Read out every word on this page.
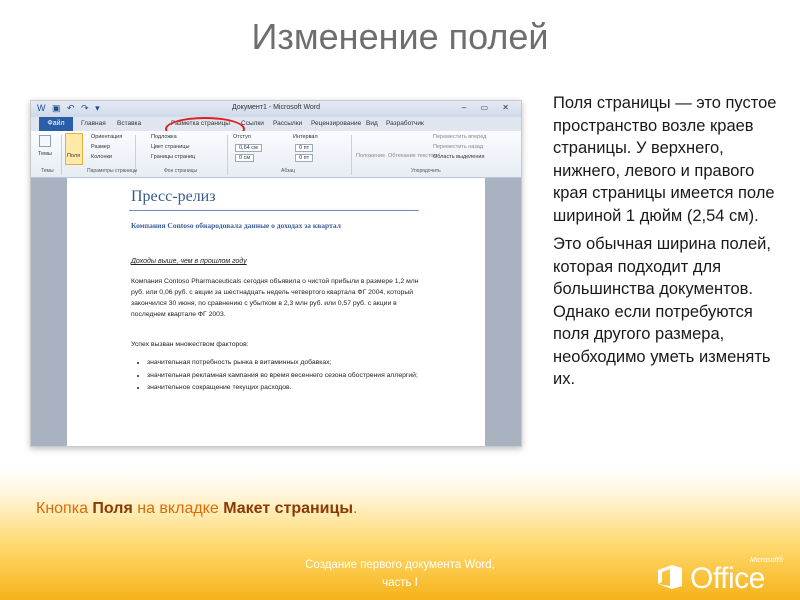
Изменение полей
W ▣ ↶ ↷ ▾	Документ1 - Microsoft Word	– ▭ ✕
Файл	Главная Вставка	Разметка страницы Ссылки Рассылки Рецензирование Вид Разработчик
Темы	Поля
Ориентация
Размер
Колонки
Подложка
Цвет страницы
Границы страниц
Отступ
0,64 см
0 см
Интервал
0 пт
0 пт	Положение Обтекание текстом
Переместить вперед
Переместить назад
Область выделения
Темы	Параметры страницы	Фон страницы	Абзац	Упорядочить
Пресс-релиз
Компания Contoso обнародовала данные о доходах за квартал
Доходы выше, чем в прошлом году
Компания Contoso Pharmaceuticals сегодня объявила о чистой прибыли в размере 1,2 млн руб. или 0,06 руб. с акции за шестнадцать недель четвертого квартала ФГ 2004, который закончился 30 июня, по сравнению с убытком в 2,3 млн руб. или 0,57 руб. с акции в последнем квартале ФГ 2003.
Успех вызван множеством факторов:
• значительная потребность рынка в витаминных добавках;
• значительная рекламная кампания во время весеннего сезона обострения аллергий;
• значительное сокращение текущих расходов.

Поля страницы — это пустое пространство возле краев страницы. У верхнего, нижнего, левого и правого края страницы имеется поле шириной 1 дюйм (2,54 см).

Это обычная ширина полей, которая подходит для большинства документов. Однако если потребуются поля другого размера, необходимо уметь изменять их.

Кнопка Поля на вкладке Макет страницы.
Создание первого документа Word,
часть I
Microsoft®
Office
